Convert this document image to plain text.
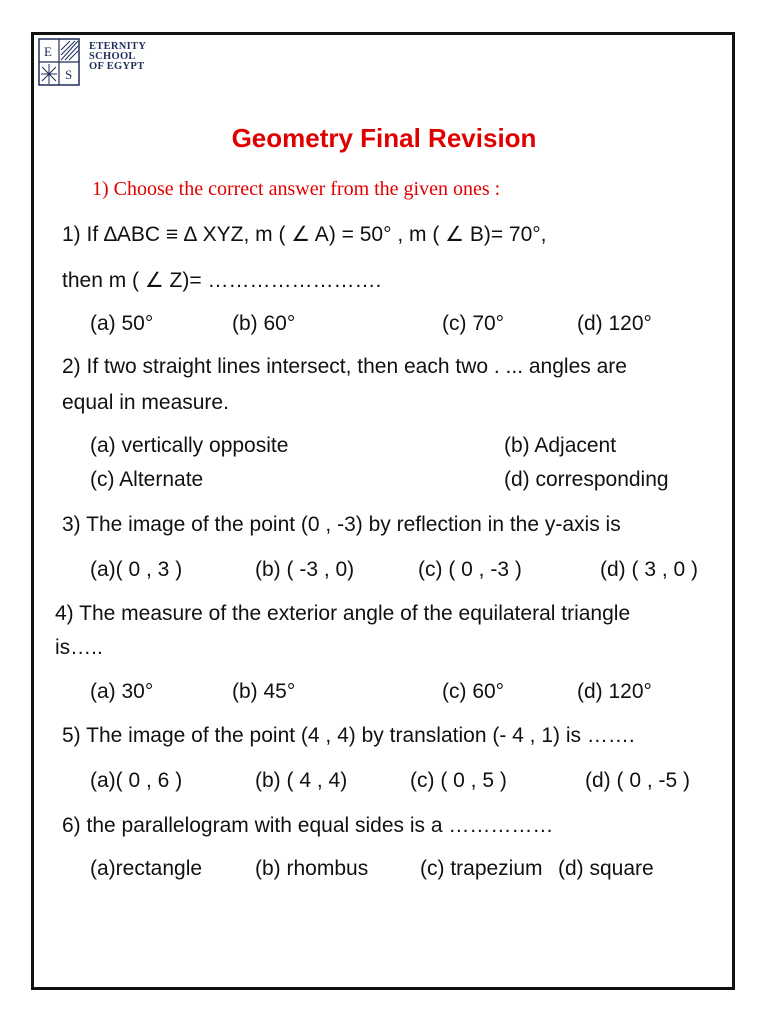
E
S
ETERNITY
SCHOOL
OF EGYPT
Geometry Final Revision
1) Choose the correct answer from the given ones :
1) If ∆ABC ≡ ∆ XYZ, m ( ∠ A) = 50° , m ( ∠ B)= 70°,
then m ( ∠ Z)= …………………….
(a) 50°	(b) 60°	(c) 70°	(d) 120°
2) If two straight lines intersect, then each two . ... angles are
equal in measure.
(a) vertically opposite	(b) Adjacent
(c) Alternate	(d) corresponding
3) The image of the point (0 , -3) by reflection in the y-axis is
(a)( 0 , 3 )	(b) ( -3 , 0)	(c) ( 0 , -3 )	(d) ( 3 , 0 )
4) The measure of the exterior angle of the equilateral triangle
is…..
(a) 30°	(b) 45°	(c) 60°	(d) 120°
5) The image of the point (4 , 4) by translation (- 4 , 1) is …….
(a)( 0 , 6 )	(b) ( 4 , 4)	(c) ( 0 , 5 )	(d) ( 0 , -5 )
6) the parallelogram with equal sides is a ……………
(a)rectangle	(b) rhombus (c) trapezium (d) square
